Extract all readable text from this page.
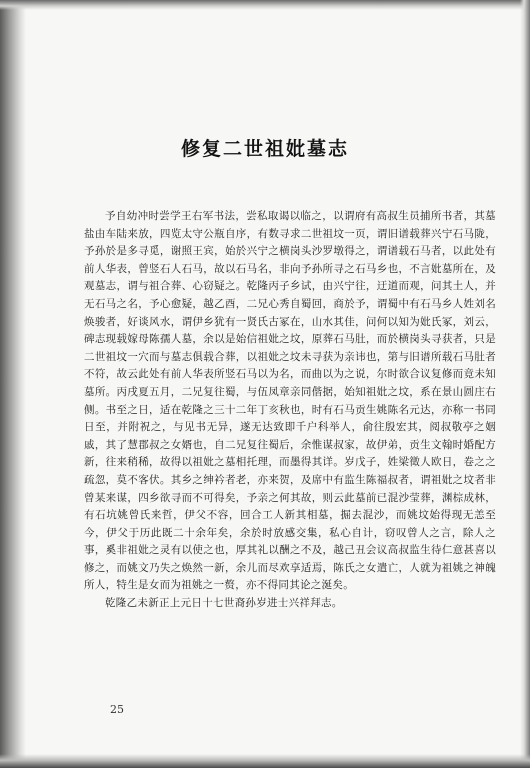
修复二世祖妣墓志

予自幼冲时尝学王右军书法，尝私取谒以临之，以谓府有高叔生员捕所书者，其墓盐由车陆来放，四览太守公瓶自序，有数寻求二世祖坟一页，谓旧谱载葬兴宁石马陇，予孙於是多寻觅，谢照王宾，始於兴宁之横岗头沙罗墩得之，谓谱载石马者，以此处有前人华表，曾竖石人石马，故以石马名，非向予孙所寻之石马乡也，不言妣墓所在，及观墓志，谓与祖合葬、心窃疑之。乾隆丙子乡试，由兴宁往，迂道而观，问其土人，并无石马之名，予心愈疑，越乙酉，二兄心秀自蜀回，商於予，谓蜀中有石马乡人姓刘名焕骏者，好谈风水，谓伊乡犹有一贤氏古冢在，山水其佳，问何以知为妣氏冢，刘云，碑志现载嫁母陈孺人墓，余以是始信祖妣之坟，原葬石马肚，而於横岗头寻获者，只是二世祖坟一穴而与墓志俱载合葬，以祖妣之坟未寻获为亲讳也，第与旧谱所载石马肚者不符，故云此处有前人华表所竖石马以为名，而曲以为之说，尔时欲合议复修而竟未知墓所。丙戌夏五月，二兄复往蜀，与伍凤章亲同偕据，始知祖妣之坟，系在景山圆庄右侧。书至之日，适在乾隆之三十二年丁亥秋也，时有石马贡生姚陈名元达，亦称一书同日至，并附祝之，与见书无异，遂无达致即千户科举人，俞往殷宏其，阅叔敬亭之姻戚，其了慧郡叔之女婿也，自二兄复往蜀后，余惟谋叔家，故伊弟，贡生文翰时婚配方新，往来稍稀，故得以祖妣之墓相托理，而墨得其详。岁戊子，姓梁徵人欧日，卷之之疏忽，莫不客伏。其乡之绅衿者老，亦来贺，及席中有监生陈福叔者，谓祖妣之坟者非曾某来谋，四乡欲寻而不可得矣，予亲之何其故，则云此墓前已混沙莹葬，渊棕成林，有石坑姚曾氏来哲，伊父不容，回合工人新其相墓，掘去混沙，而姚坟始得现无恙至今，伊父于历此既二十余年矣，余於时放感交集，私心自计，窃叹曾人之言，除人之事，奚非祖妣之灵有以使之也，厚其礼以酬之不及，越己丑会议高叔监生待仁意甚喜以修之，而姚文乃失之焕然一新，余儿而尽欢享适焉，陈氏之女遣亡，人就为祖姚之神魄所人，特生是女而为祖姚之一赘，亦不得同其论之涎矣。

乾隆乙未新正上元日十七世裔孙岁进士兴祥拜志。

25
